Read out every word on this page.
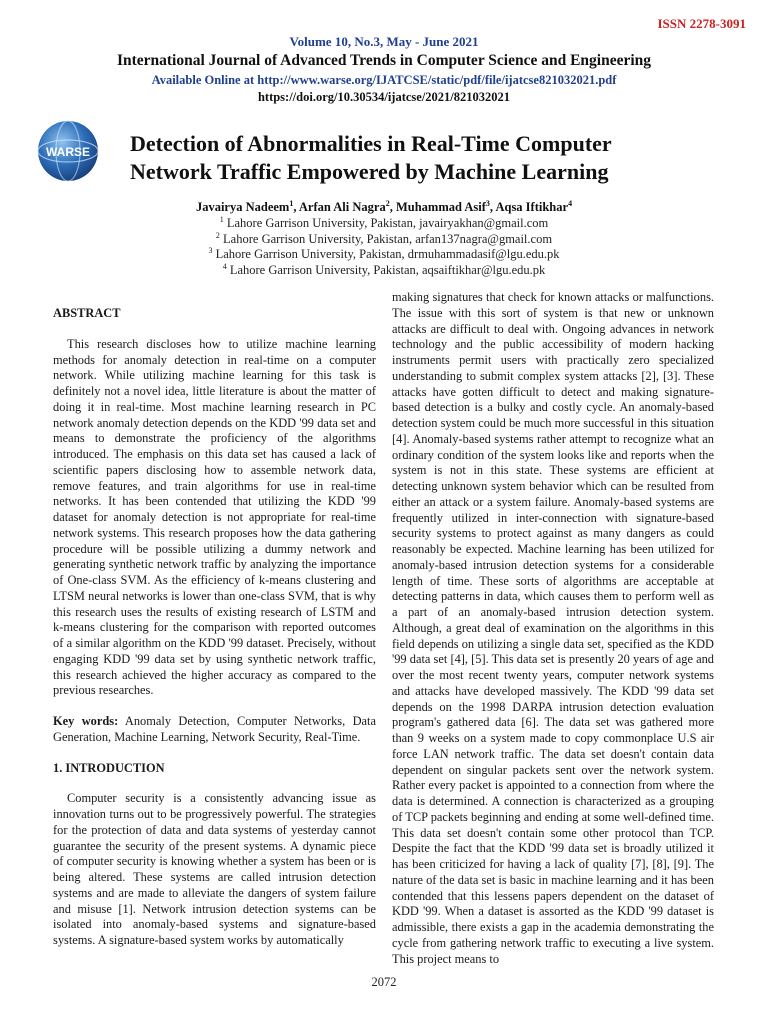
ISSN 2278-3091
Volume 10, No.3, May - June 2021
International Journal of Advanced Trends in Computer Science and Engineering
Available Online at http://www.warse.org/IJATCSE/static/pdf/file/ijatcse821032021.pdf
https://doi.org/10.30534/ijatcse/2021/821032021
WARSE Detection of Abnormalities in Real-Time Computer
Network Traffic Empowered by Machine Learning
Javairya Nadeem$^1$, Arfan Ali Nagra$^2$, Muhammad Asif$^3$, Aqsa Iftikhar$^4$
$^1$ Lahore Garrison University, Pakistan, javairyakhan@gmail.com
$^2$ Lahore Garrison University, Pakistan, arfan137nagra@gmail.com
$^3$ Lahore Garrison University, Pakistan, drmuhammadasif@lgu.edu.pk
$^4$ Lahore Garrison University, Pakistan, aqsaiftikhar@lgu.edu.pk

ABSTRACT

This research discloses how to utilize machine learning methods for anomaly detection in real-time on a computer network. While utilizing machine learning for this task is definitely not a novel idea, little literature is about the matter of doing it in real-time. Most machine learning research in PC network anomaly detection depends on the KDD '99 data set and means to demonstrate the proficiency of the algorithms introduced. The emphasis on this data set has caused a lack of scientific papers disclosing how to assemble network data, remove features, and train algorithms for use in real-time networks. It has been contended that utilizing the KDD '99 dataset for anomaly detection is not appropriate for real-time network systems. This research proposes how the data gathering procedure will be possible utilizing a dummy network and generating synthetic network traffic by analyzing the importance of One-class SVM. As the efficiency of k-means clustering and LTSM neural networks is lower than one-class SVM, that is why this research uses the results of existing research of LSTM and k-means clustering for the comparison with reported outcomes of a similar algorithm on the KDD '99 dataset. Precisely, without engaging KDD '99 data set by using synthetic network traffic, this research achieved the higher accuracy as compared to the previous researches.

Key words: Anomaly Detection, Computer Networks, Data Generation, Machine Learning, Network Security, Real-Time.

1. INTRODUCTION

Computer security is a consistently advancing issue as innovation turns out to be progressively powerful. The strategies for the protection of data and data systems of yesterday cannot guarantee the security of the present systems. A dynamic piece of computer security is knowing whether a system has been or is being altered. These systems are called intrusion detection systems and are made to alleviate the dangers of system failure and misuse [1]. Network intrusion detection systems can be isolated into anomaly-based systems and signature-based systems. A signature-based system works by automatically

making signatures that check for known attacks or malfunctions. The issue with this sort of system is that new or unknown attacks are difficult to deal with. Ongoing advances in network technology and the public accessibility of modern hacking instruments permit users with practically zero specialized understanding to submit complex system attacks [2], [3]. These attacks have gotten difficult to detect and making signature-based detection is a bulky and costly cycle. An anomaly-based detection system could be much more successful in this situation [4]. Anomaly-based systems rather attempt to recognize what an ordinary condition of the system looks like and reports when the system is not in this state. These systems are efficient at detecting unknown system behavior which can be resulted from either an attack or a system failure. Anomaly-based systems are frequently utilized in inter-connection with signature-based security systems to protect against as many dangers as could reasonably be expected. Machine learning has been utilized for anomaly-based intrusion detection systems for a considerable length of time. These sorts of algorithms are acceptable at detecting patterns in data, which causes them to perform well as a part of an anomaly-based intrusion detection system. Although, a great deal of examination on the algorithms in this field depends on utilizing a single data set, specified as the KDD '99 data set [4], [5]. This data set is presently 20 years of age and over the most recent twenty years, computer network systems and attacks have developed massively. The KDD '99 data set depends on the 1998 DARPA intrusion detection evaluation program's gathered data [6]. The data set was gathered more than 9 weeks on a system made to copy commonplace U.S air force LAN network traffic. The data set doesn't contain data dependent on singular packets sent over the network system. Rather every packet is appointed to a connection from where the data is determined. A connection is characterized as a grouping of TCP packets beginning and ending at some well-defined time. This data set doesn't contain some other protocol than TCP. Despite the fact that the KDD '99 data set is broadly utilized it has been criticized for having a lack of quality [7], [8], [9]. The nature of the data set is basic in machine learning and it has been contended that this lessens papers dependent on the dataset of KDD '99. When a dataset is assorted as the KDD '99 dataset is admissible, there exists a gap in the academia demonstrating the cycle from gathering network traffic to executing a live system. This project means to

2072
